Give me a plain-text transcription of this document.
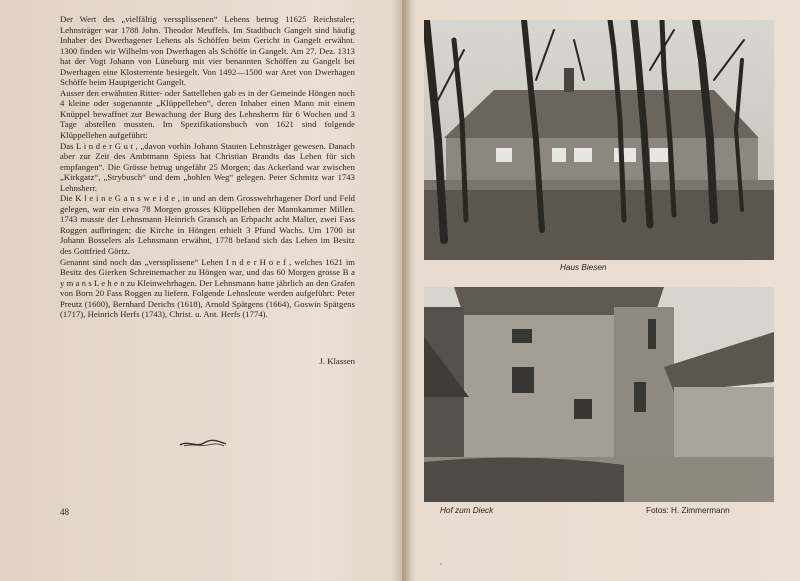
Der Wert des „vielfältig verssplissenen“ Lehens betrug 11625 Reichstaler; Lehnsträger war 1788 John. Theodor Meuffels. Im Stadtbuch Gangelt sind häufig Inhaber des Dwerhagener Lehens als Schöffen beim Gericht in Gangelt erwähnt. 1300 finden wir Wilhelm von Dwerhagen als Schöffe in Gangelt. Am 27. Dez. 1313 hat der Vogt Johann von Lüneburg mit vier benannten Schöffen zu Gangelt bei Dwerhagen eine Klosterrente besiegelt. Von 1492—1500 war Aret von Dwerhagen Schöffe beim Hauptgericht Gangelt.

Ausser den erwähnten Ritter- oder Sattellehen gab es in der Gemeinde Höngen noch 4 kleine oder sogenannte „Klüppellehen“, deren Inhaber einen Mann mit einem Knüppel bewaffnet zur Bewachung der Burg des Lehnsherrn für 6 Wochen und 3 Tage abstellen mussten. Im Spezifikationsbuch von 1621 sind folgende Klüppellehen aufgeführt:

Das L i n d e r G u t , „davon vorhin Johann Stauten Lehnsträger gewesen. Danach aber zur Zeit des Ambtmann Spiess hat Christian Brandts das Lehen für sich empfangen“. Die Grösse betrug ungefähr 25 Morgen; das Ackerland war zwischen „Kirkgatz“, „Strybusch“ und dem „hohlen Weg“ gelegen. Peter Schmitz war 1743 Lehnsherr.

Die K l e i n e G a n s w e i d e , in und an dem Grosswehrhagener Dorf und Feld gelegen, war ein etwa 78 Morgen grosses Klüppellehen der Mannkammer Millen. 1743 musste der Lehnsmann Heinrich Gransch an Erbpacht acht Malter, zwei Fass Roggen aufbringen; die Kirche in Höngen erhielt 3 Pfund Wachs. Um 1700 ist Johann Bosselers als Lehnsmann erwähnt, 1778 befand sich das Lehen im Besitz des Gottfried Görtz.

Genannt sind noch das „verssplissene“ Lehen I n d e r H o e f , welches 1621 im Besitz des Gierken Schreinemacher zu Höngen war, und das 60 Morgen grosse B a y m a n s L e h e n zu Kleinwehrhagen. Der Lehnsmann hatte jährlich an den Grafen von Born 20 Fass Roggen zu liefern. Folgende Lehnsleute werden aufgeführt: Peter Preutz (1600), Bernhard Derichs (1618), Arnold Spätgens (1664), Goswin Spätgens (1717), Heinrich Herfs (1743), Christ. u. Ant. Herfs (1774).

J. Klassen
48
Haus Biesen
Hof zum Dieck	Fotos: H. Zimmermann
ˈ
